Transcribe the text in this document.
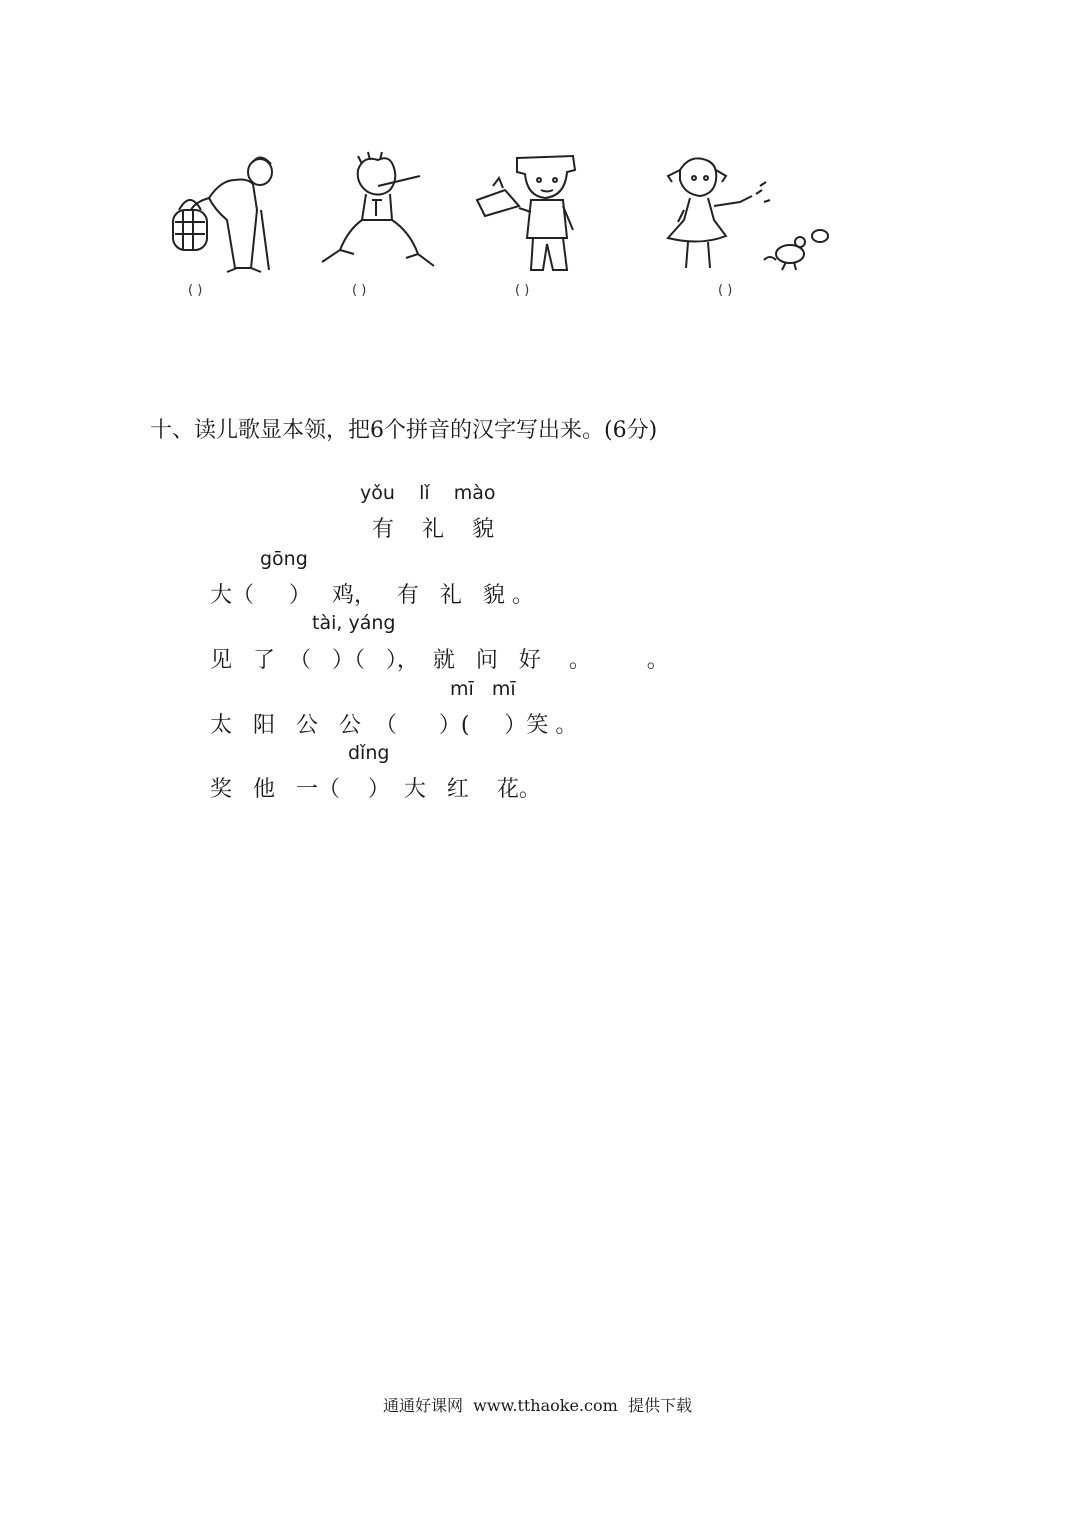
( )	( )	( )	( )
十、读儿歌显本领，把6个拼音的汉字写出来。(6分)
yǒu    lǐ    mào
有    礼    貌
gōng
大（     ）   鸡，   有   礼   貌 。
tài, yáng
见   了  （   ）（   ），  就   问   好    。        。
mī   mī
太   阳   公   公  （      ）(     ）笑 。
dǐng
奖   他   一（    ）  大   红    花。
通通好课网  www.tthaoke.com  提供下载
